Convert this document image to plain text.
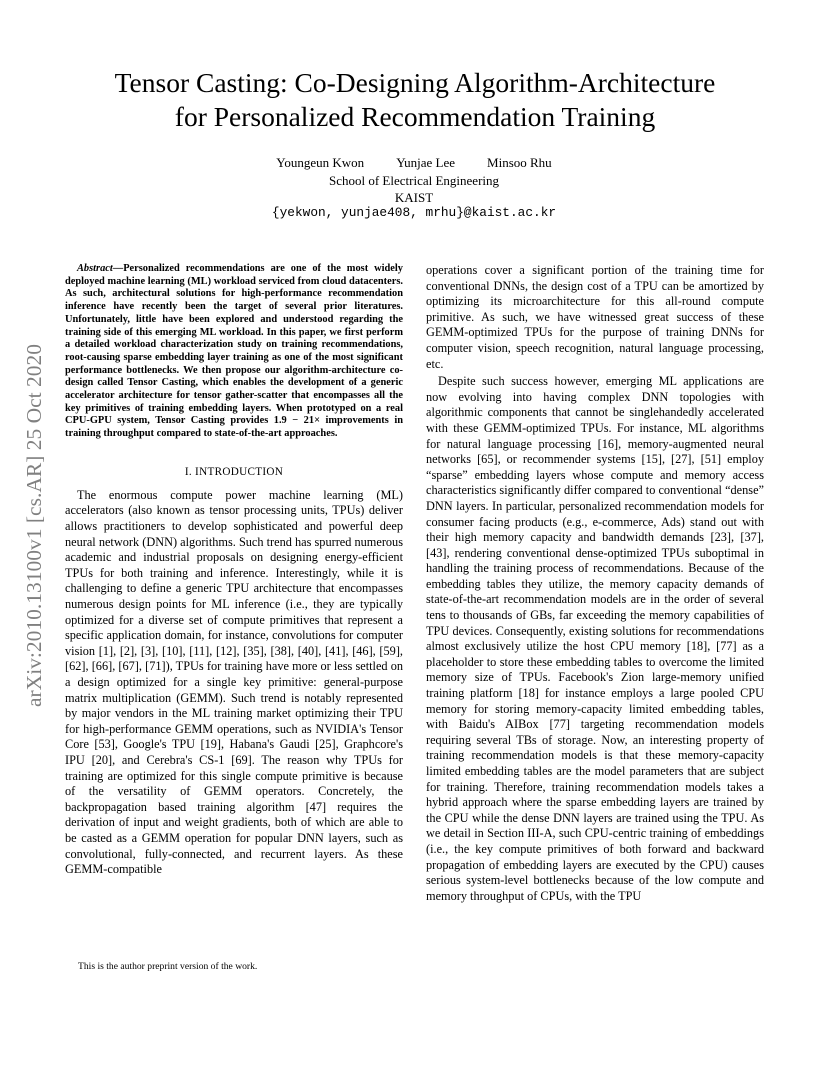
arXiv:2010.13100v1 [cs.AR] 25 Oct 2020
Tensor Casting: Co-Designing Algorithm-Architecture
for Personalized Recommendation Training
Youngeun Kwon Yunjae Lee Minsoo Rhu
School of Electrical Engineering
KAIST
{yekwon, yunjae408, mrhu}@kaist.ac.kr

Abstract—Personalized recommendations are one of the most widely deployed machine learning (ML) workload serviced from cloud datacenters. As such, architectural solutions for high-performance recommendation inference have recently been the target of several prior literatures. Unfortunately, little have been explored and understood regarding the training side of this emerging ML workload. In this paper, we first perform a detailed workload characterization study on training recommendations, root-causing sparse embedding layer training as one of the most significant performance bottlenecks. We then propose our algorithm-architecture co-design called Tensor Casting, which enables the development of a generic accelerator architecture for tensor gather-scatter that encompasses all the key primitives of training embedding layers. When prototyped on a real CPU-GPU system, Tensor Casting provides 1.9 − 21× improvements in training throughput compared to state-of-the-art approaches.

I. INTRODUCTION

The enormous compute power machine learning (ML) accelerators (also known as tensor processing units, TPUs) deliver allows practitioners to develop sophisticated and powerful deep neural network (DNN) algorithms. Such trend has spurred numerous academic and industrial proposals on designing energy-efficient TPUs for both training and inference. Interestingly, while it is challenging to define a generic TPU architecture that encompasses numerous design points for ML inference (i.e., they are typically optimized for a diverse set of compute primitives that represent a specific application domain, for instance, convolutions for computer vision [1], [2], [3], [10], [11], [12], [35], [38], [40], [41], [46], [59], [62], [66], [67], [71]), TPUs for training have more or less settled on a design optimized for a single key primitive: general-purpose matrix multiplication (GEMM). Such trend is notably represented by major vendors in the ML training market optimizing their TPU for high-performance GEMM operations, such as NVIDIA's Tensor Core [53], Google's TPU [19], Habana's Gaudi [25], Graphcore's IPU [20], and Cerebra's CS-1 [69]. The reason why TPUs for training are optimized for this single compute primitive is because of the versatility of GEMM operators. Concretely, the backpropagation based training algorithm [47] requires the derivation of input and weight gradients, both of which are able to be casted as a GEMM operation for popular DNN layers, such as convolutional, fully-connected, and recurrent layers. As these GEMM-compatible

operations cover a significant portion of the training time for conventional DNNs, the design cost of a TPU can be amortized by optimizing its microarchitecture for this all-round compute primitive. As such, we have witnessed great success of these GEMM-optimized TPUs for the purpose of training DNNs for computer vision, speech recognition, natural language processing, etc.

Despite such success however, emerging ML applications are now evolving into having complex DNN topologies with algorithmic components that cannot be singlehandedly accelerated with these GEMM-optimized TPUs. For instance, ML algorithms for natural language processing [16], memory-augmented neural networks [65], or recommender systems [15], [27], [51] employ “sparse” embedding layers whose compute and memory access characteristics significantly differ compared to conventional “dense” DNN layers. In particular, personalized recommendation models for consumer facing products (e.g., e-commerce, Ads) stand out with their high memory capacity and bandwidth demands [23], [37], [43], rendering conventional dense-optimized TPUs suboptimal in handling the training process of recommendations. Because of the embedding tables they utilize, the memory capacity demands of state-of-the-art recommendation models are in the order of several tens to thousands of GBs, far exceeding the memory capabilities of TPU devices. Consequently, existing solutions for recommendations almost exclusively utilize the host CPU memory [18], [77] as a placeholder to store these embedding tables to overcome the limited memory size of TPUs. Facebook's Zion large-memory unified training platform [18] for instance employs a large pooled CPU memory for storing memory-capacity limited embedding tables, with Baidu's AIBox [77] targeting recommendation models requiring several TBs of storage. Now, an interesting property of training recommendation models is that these memory-capacity limited embedding tables are the model parameters that are subject for training. Therefore, training recommendation models takes a hybrid approach where the sparse embedding layers are trained by the CPU while the dense DNN layers are trained using the TPU. As we detail in Section III-A, such CPU-centric training of embeddings (i.e., the key compute primitives of both forward and backward propagation of embedding layers are executed by the CPU) causes serious system-level bottlenecks because of the low compute and memory throughput of CPUs, with the TPU

This is the author preprint version of the work.
